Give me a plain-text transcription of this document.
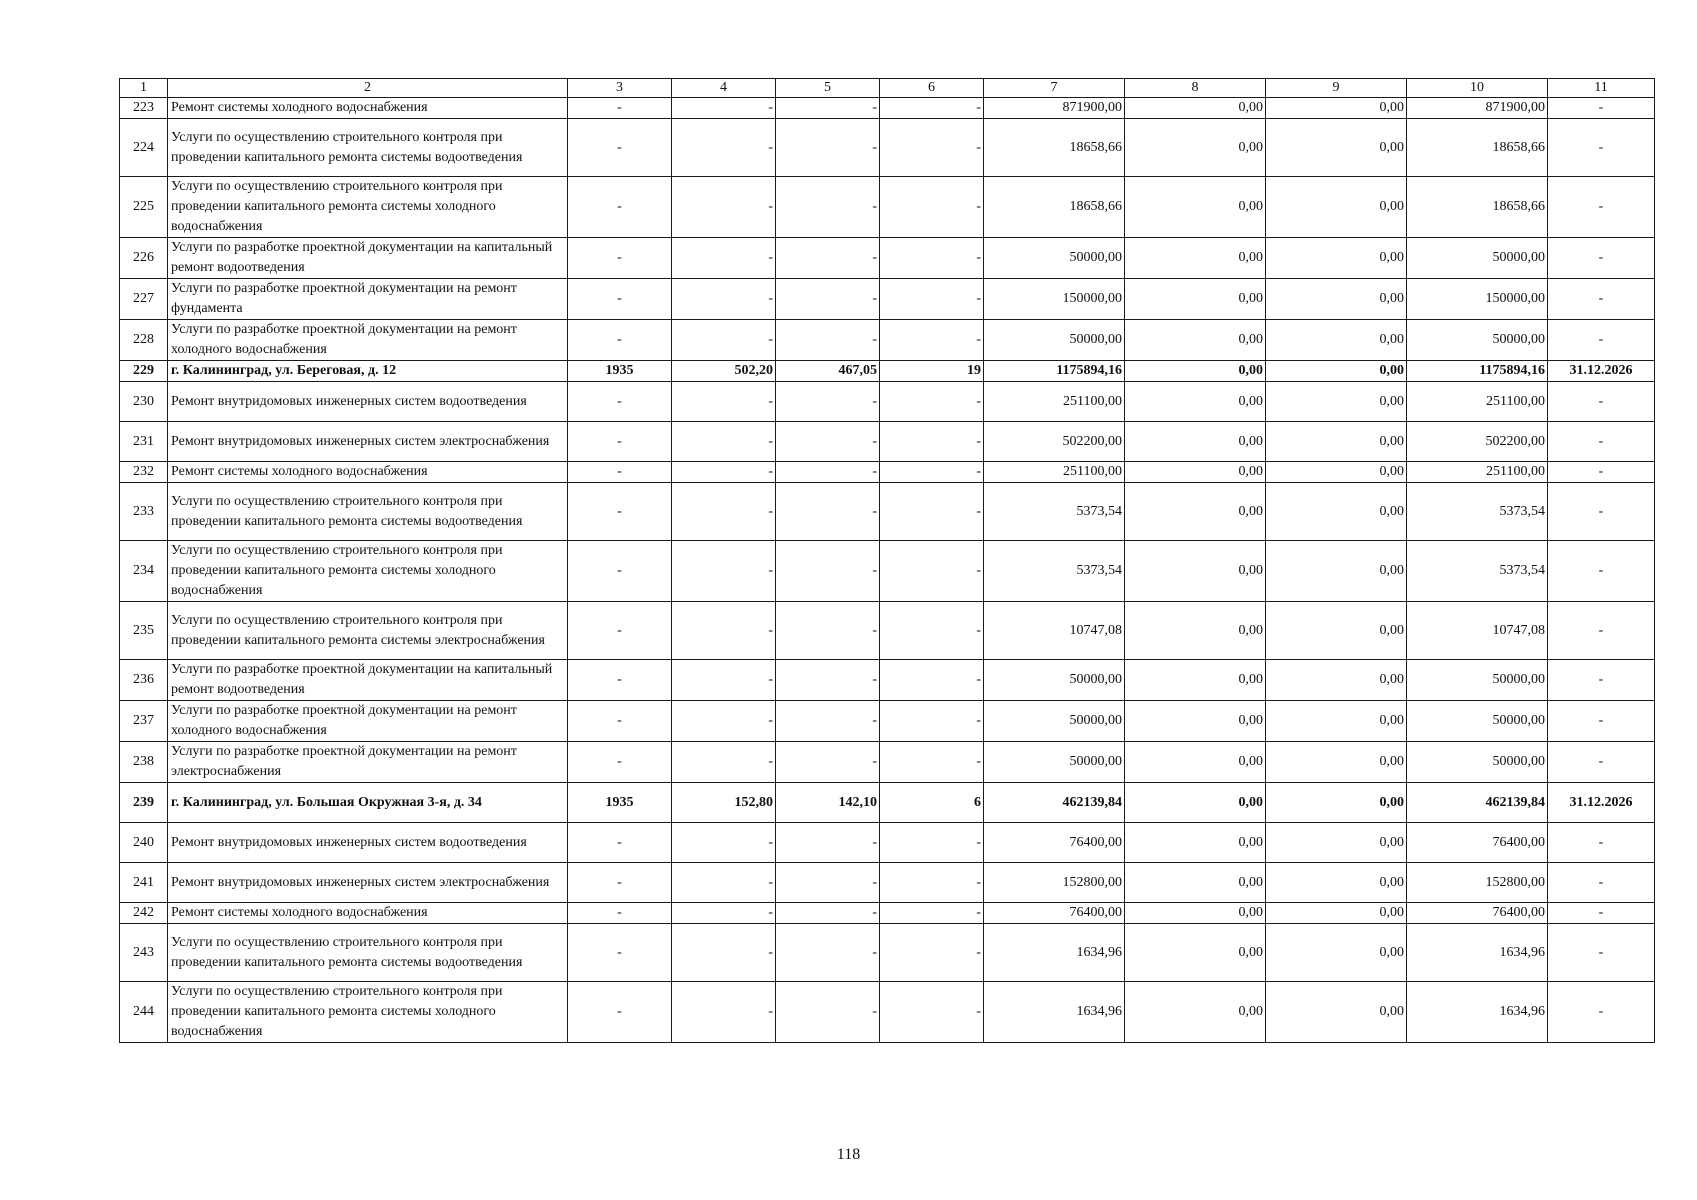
1	2	3	4	5	6	7	8	9	10	11
223	Ремонт системы холодного водоснабжения	-	-	-	-	871900,00	0,00	0,00	871900,00	-
224	Услуги по осуществлению строительного контроля при проведении капитального ремонта системы водоотведения	-	-	-	-	18658,66	0,00	0,00	18658,66	-
225	Услуги по осуществлению строительного контроля при проведении капитального ремонта системы холодного водоснабжения	-	-	-	-	18658,66	0,00	0,00	18658,66	-
226	Услуги по разработке проектной документации на капитальный ремонт водоотведения	-	-	-	-	50000,00	0,00	0,00	50000,00	-
227	Услуги по разработке проектной документации на ремонт фундамента	-	-	-	-	150000,00	0,00	0,00	150000,00	-
228	Услуги по разработке проектной документации на ремонт холодного водоснабжения	-	-	-	-	50000,00	0,00	0,00	50000,00	-
229	г. Калининград, ул. Береговая, д. 12	1935	502,20	467,05	19	1175894,16	0,00	0,00	1175894,16	31.12.2026
230	Ремонт внутридомовых инженерных систем водоотведения	-	-	-	-	251100,00	0,00	0,00	251100,00	-
231	Ремонт внутридомовых инженерных систем электроснабжения	-	-	-	-	502200,00	0,00	0,00	502200,00	-
232	Ремонт системы холодного водоснабжения	-	-	-	-	251100,00	0,00	0,00	251100,00	-
233	Услуги по осуществлению строительного контроля при проведении капитального ремонта системы водоотведения	-	-	-	-	5373,54	0,00	0,00	5373,54	-
234	Услуги по осуществлению строительного контроля при проведении капитального ремонта системы холодного водоснабжения	-	-	-	-	5373,54	0,00	0,00	5373,54	-
235	Услуги по осуществлению строительного контроля при проведении капитального ремонта системы электроснабжения	-	-	-	-	10747,08	0,00	0,00	10747,08	-
236	Услуги по разработке проектной документации на капитальный ремонт водоотведения	-	-	-	-	50000,00	0,00	0,00	50000,00	-
237	Услуги по разработке проектной документации на ремонт холодного водоснабжения	-	-	-	-	50000,00	0,00	0,00	50000,00	-
238	Услуги по разработке проектной документации на ремонт электроснабжения	-	-	-	-	50000,00	0,00	0,00	50000,00	-
239	г. Калининград, ул. Большая Окружная 3-я, д. 34	1935	152,80	142,10	6	462139,84	0,00	0,00	462139,84	31.12.2026
240	Ремонт внутридомовых инженерных систем водоотведения	-	-	-	-	76400,00	0,00	0,00	76400,00	-
241	Ремонт внутридомовых инженерных систем электроснабжения	-	-	-	-	152800,00	0,00	0,00	152800,00	-
242	Ремонт системы холодного водоснабжения	-	-	-	-	76400,00	0,00	0,00	76400,00	-
243	Услуги по осуществлению строительного контроля при проведении капитального ремонта системы водоотведения	-	-	-	-	1634,96	0,00	0,00	1634,96	-
244	Услуги по осуществлению строительного контроля при проведении капитального ремонта системы холодного водоснабжения	-	-	-	-	1634,96	0,00	0,00	1634,96	-
118
